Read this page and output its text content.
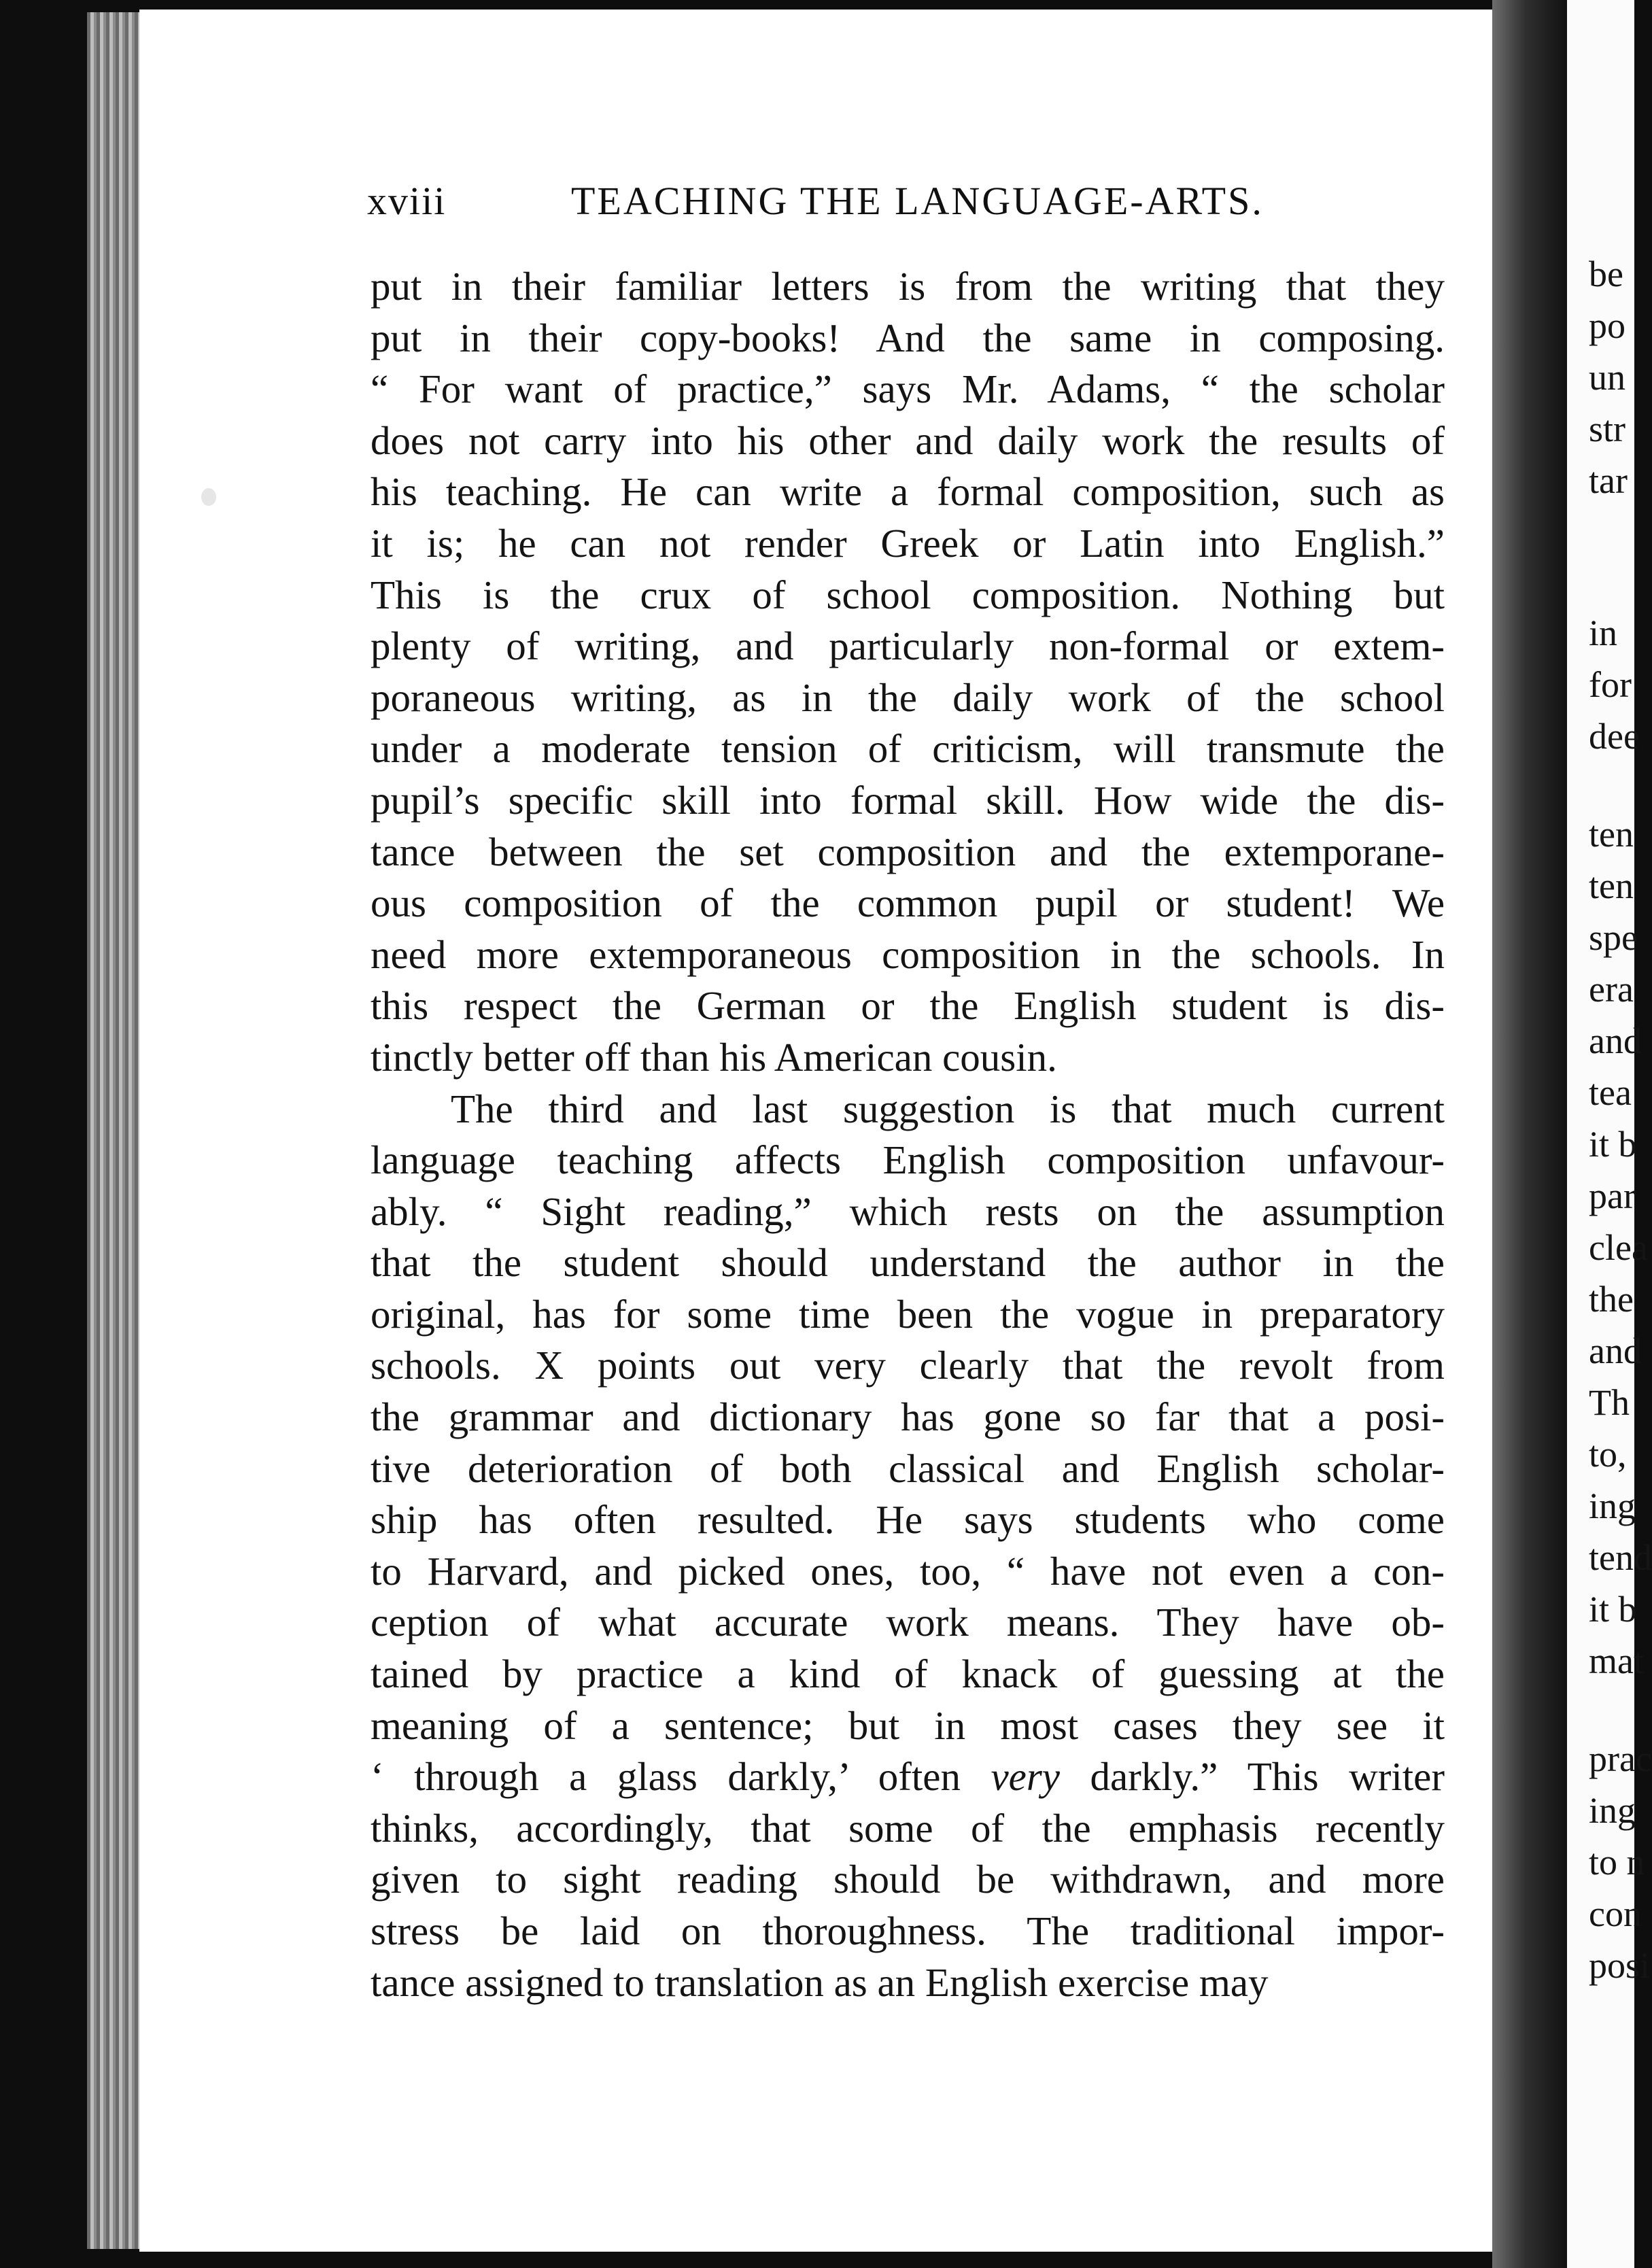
be
po
un
str
tar
in
for
dee
ten
ten
spe
era
and
tea
it b
par
clea
the
and
Th
to,
ing
tend
it b
mat
prac
ing
to n
con
posi
xviii	TEACHING THE LANGUAGE-ARTS.
put in their familiar letters is from the writing that they
put in their copy-books! And the same in composing.
“ For want of practice,” says Mr. Adams, “ the scholar
does not carry into his other and daily work the results of
his teaching. He can write a formal composition, such as
it is; he can not render Greek or Latin into English.”
This is the crux of school composition. Nothing but
plenty of writing, and particularly non-formal or extem-
poraneous writing, as in the daily work of the school
under a moderate tension of criticism, will transmute the
pupil’s specific skill into formal skill. How wide the dis-
tance between the set composition and the extemporane-
ous composition of the common pupil or student! We
need more extemporaneous composition in the schools. In
this respect the German or the English student is dis-
tinctly better off than his American cousin.
The third and last suggestion is that much current
language teaching affects English composition unfavour-
ably. “ Sight reading,” which rests on the assumption
that the student should understand the author in the
original, has for some time been the vogue in preparatory
schools. X points out very clearly that the revolt from
the grammar and dictionary has gone so far that a posi-
tive deterioration of both classical and English scholar-
ship has often resulted. He says students who come
to Harvard, and picked ones, too, “ have not even a con-
ception of what accurate work means. They have ob-
tained by practice a kind of knack of guessing at the
meaning of a sentence; but in most cases they see it
‘ through a glass darkly,’ often very darkly.” This writer
thinks, accordingly, that some of the emphasis recently
given to sight reading should be withdrawn, and more
stress be laid on thoroughness. The traditional impor-
tance assigned to translation as an English exercise may
